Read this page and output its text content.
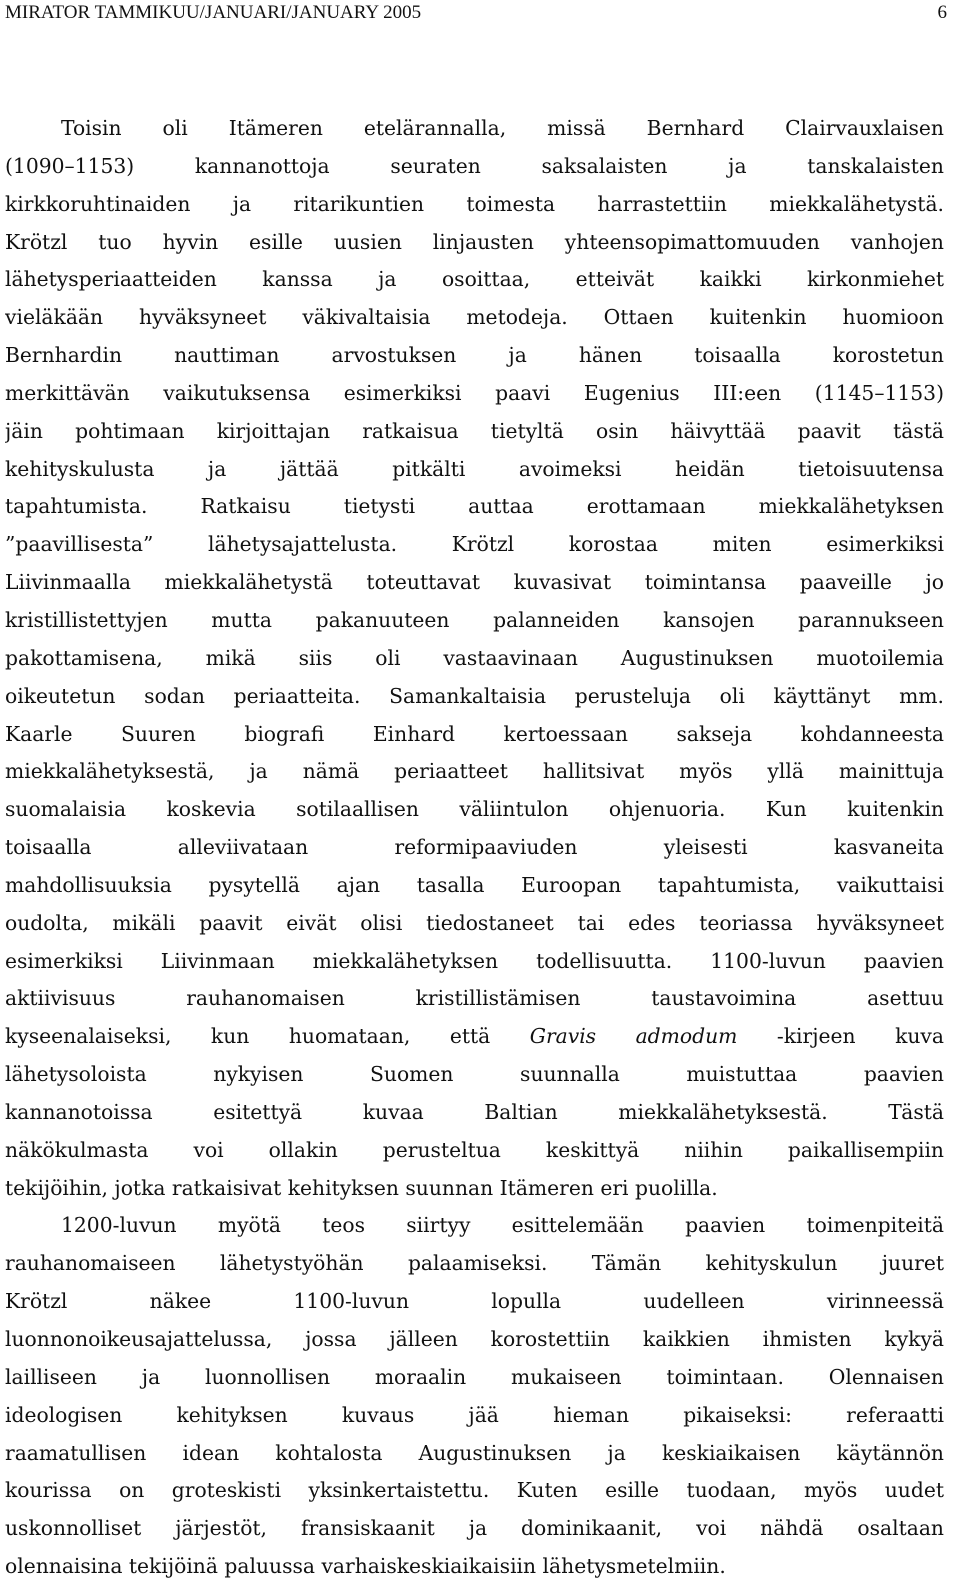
MIRATOR TAMMIKUU/JANUARI/JANUARY 2005	6
Toisin oli Itämeren etelärannalla, missä Bernhard Clairvauxlaisen
(1090–1153) kannanottoja seuraten saksalaisten ja tanskalaisten
kirkkoruhtinaiden ja ritarikuntien toimesta harrastettiin miekkalähetystä.
Krötzl tuo hyvin esille uusien linjausten yhteensopimattomuuden vanhojen
lähetysperiaatteiden kanssa ja osoittaa, etteivät kaikki kirkonmiehet
vieläkään hyväksyneet väkivaltaisia metodeja. Ottaen kuitenkin huomioon
Bernhardin nauttiman arvostuksen ja hänen toisaalla korostetun
merkittävän vaikutuksensa esimerkiksi paavi Eugenius III:een (1145–1153)
jäin pohtimaan kirjoittajan ratkaisua tietyltä osin häivyttää paavit tästä
kehityskulusta ja jättää pitkälti avoimeksi heidän tietoisuutensa
tapahtumista. Ratkaisu tietysti auttaa erottamaan miekkalähetyksen
”paavillisesta” lähetysajattelusta. Krötzl korostaa miten esimerkiksi
Liivinmaalla miekkalähetystä toteuttavat kuvasivat toimintansa paaveille jo
kristillistettyjen mutta pakanuuteen palanneiden kansojen parannukseen
pakottamisena, mikä siis oli vastaavinaan Augustinuksen muotoilemia
oikeutetun sodan periaatteita. Samankaltaisia perusteluja oli käyttänyt mm.
Kaarle Suuren biografi Einhard kertoessaan sakseja kohdanneesta
miekkalähetyksestä, ja nämä periaatteet hallitsivat myös yllä mainittuja
suomalaisia koskevia sotilaallisen väliintulon ohjenuoria. Kun kuitenkin
toisaalla alleviivataan reformipaaviuden yleisesti kasvaneita
mahdollisuuksia pysytellä ajan tasalla Euroopan tapahtumista, vaikuttaisi
oudolta, mikäli paavit eivät olisi tiedostaneet tai edes teoriassa hyväksyneet
esimerkiksi Liivinmaan miekkalähetyksen todellisuutta. 1100-luvun paavien
aktiivisuus rauhanomaisen kristillistämisen taustavoimina asettuu
kyseenalaiseksi, kun huomataan, että Gravis admodum -kirjeen kuva
lähetysoloista nykyisen Suomen suunnalla muistuttaa paavien
kannanotoissa esitettyä kuvaa Baltian miekkalähetyksestä. Tästä
näkökulmasta voi ollakin perusteltua keskittyä niihin paikallisempiin
tekijöihin, jotka ratkaisivat kehityksen suunnan Itämeren eri puolilla.
1200-luvun myötä teos siirtyy esittelemään paavien toimenpiteitä
rauhanomaiseen lähetystyöhän palaamiseksi. Tämän kehityskulun juuret
Krötzl näkee 1100-luvun lopulla uudelleen virinneessä
luonnonoikeusajattelussa, jossa jälleen korostettiin kaikkien ihmisten kykyä
lailliseen ja luonnollisen moraalin mukaiseen toimintaan. Olennaisen
ideologisen kehityksen kuvaus jää hieman pikaiseksi: referaatti
raamatullisen idean kohtalosta Augustinuksen ja keskiaikaisen käytännön
kourissa on groteskisti yksinkertaistettu. Kuten esille tuodaan, myös uudet
uskonnolliset järjestöt, fransiskaanit ja dominikaanit, voi nähdä osaltaan
olennaisina tekijöinä paluussa varhaiskeskiaikaisiin lähetysmetelmiin.
